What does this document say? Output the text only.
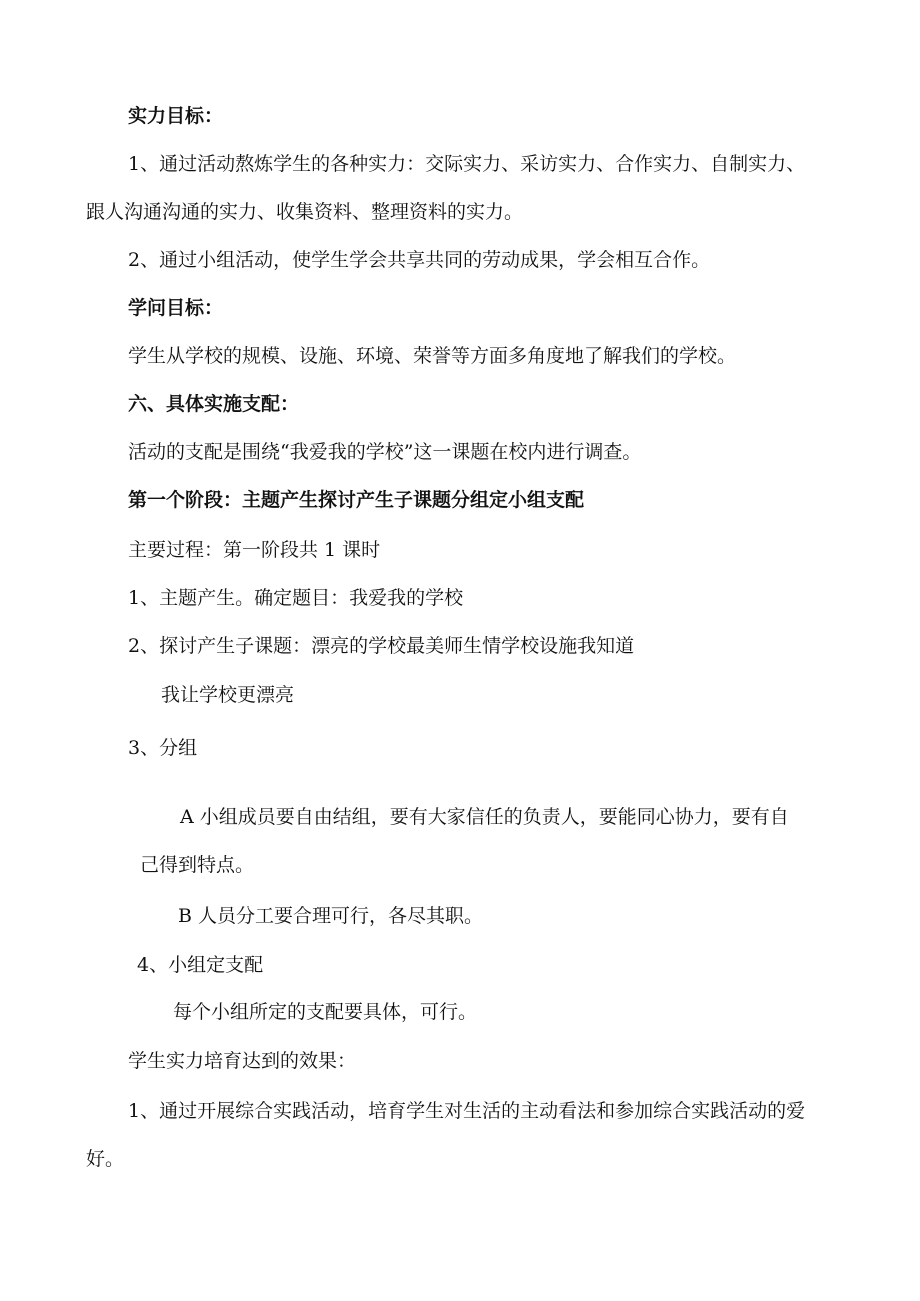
实力目标：
1、通过活动熬炼学生的各种实力：交际实力、采访实力、合作实力、自制实力、
跟人沟通沟通的实力、收集资料、整理资料的实力。
2、通过小组活动，使学生学会共享共同的劳动成果，学会相互合作。
学问目标：
学生从学校的规模、设施、环境、荣誉等方面多角度地了解我们的学校。
六、具体实施支配：
活动的支配是围绕“我爱我的学校”这一课题在校内进行调查。
第一个阶段：主题产生探讨产生子课题分组定小组支配
主要过程：第一阶段共 1 课时
1、主题产生。确定题目：我爱我的学校
2、探讨产生子课题：漂亮的学校最美师生情学校设施我知道
我让学校更漂亮
3、分组
A 小组成员要自由结组，要有大家信任的负责人，要能同心协力，要有自
己得到特点。
B 人员分工要合理可行，各尽其职。
4、小组定支配
每个小组所定的支配要具体，可行。
学生实力培育达到的效果：
1、通过开展综合实践活动，培育学生对生活的主动看法和参加综合实践活动的爱
好。
